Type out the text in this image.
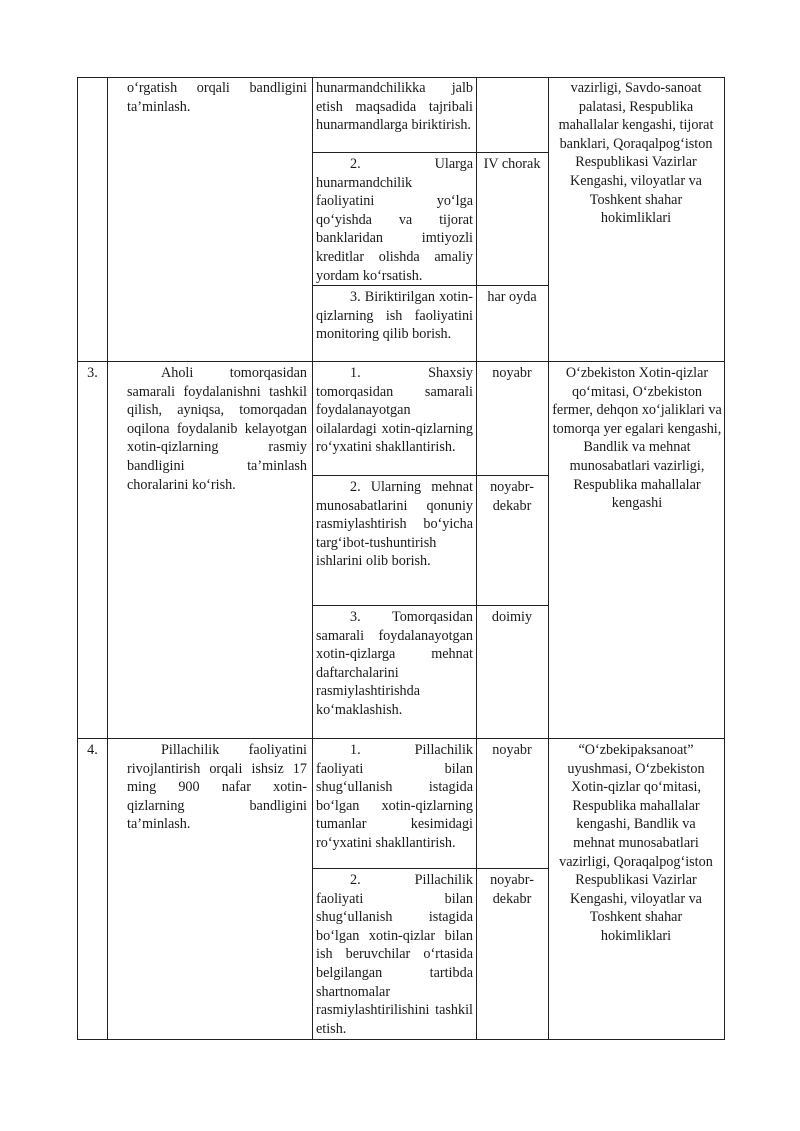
o‘rgatish orqali bandligini ta’minlash.
hunarmandchilikka jalb etish maqsadida tajribali hunarmandlarga biriktirish.
2. Ularga hunarmandchilik faoliyatini yo‘lga qo‘yishda va tijorat banklaridan imtiyozli kreditlar olishda amaliy yordam ko‘rsatish.
IV chorak
3. Biriktirilgan xotin-qizlarning ish faoliyatini monitoring qilib borish.
har oyda
vazirligi, Savdo-sanoat palatasi, Respublika mahallalar kengashi, tijorat banklari, Qoraqalpog‘iston Respublikasi Vazirlar Kengashi, viloyatlar va Toshkent shahar hokimliklari
3.	Aholi tomorqasidan samarali foydalanishni tashkil qilish, ayniqsa, tomorqadan oqilona foydalanib kelayotgan xotin-qizlarning rasmiy bandligini ta’minlash choralarini ko‘rish.
1. Shaxsiy tomorqasidan samarali foydalanayotgan oilalardagi xotin-qizlarning ro‘yxatini shakllantirish.
noyabr
2. Ularning mehnat munosabatlarini qonuniy rasmiylashtirish bo‘yicha targ‘ibot-tushuntirish ishlarini olib borish.
noyabr-dekabr
3. Tomorqasidan samarali foydalanayotgan xotin-qizlarga mehnat daftarchalarini rasmiylashtirishda ko‘maklashish.
doimiy
O‘zbekiston Xotin-qizlar qo‘mitasi, O‘zbekiston fermer, dehqon xo‘jaliklari va tomorqa yer egalari kengashi, Bandlik va mehnat munosabatlari vazirligi, Respublika mahallalar kengashi
4.	Pillachilik faoliyatini rivojlantirish orqali ishsiz 17 ming 900 nafar xotin-qizlarning bandligini ta’minlash.
1. Pillachilik faoliyati bilan shug‘ullanish istagida bo‘lgan xotin-qizlarning tumanlar kesimidagi ro‘yxatini shakllantirish.
noyabr
2. Pillachilik faoliyati bilan shug‘ullanish istagida bo‘lgan xotin-qizlar bilan ish beruvchilar o‘rtasida belgilangan tartibda shartnomalar rasmiylashtirilishini tashkil etish.
noyabr-dekabr
“O‘zbekipaksanoat” uyushmasi, O‘zbekiston Xotin-qizlar qo‘mitasi, Respublika mahallalar kengashi, Bandlik va mehnat munosabatlari vazirligi, Qoraqalpog‘iston Respublikasi Vazirlar Kengashi, viloyatlar va Toshkent shahar hokimliklari
